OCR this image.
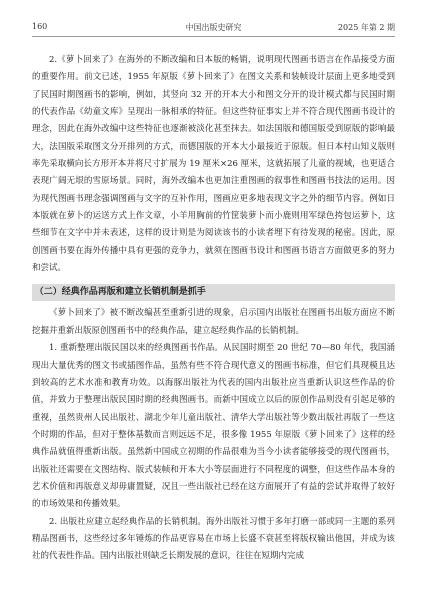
160	中国出版史研究	2025 年第 2 期

2.《萝卜回来了》在海外的不断改编和日本版的畅销，说明现代图画书语言在作品接受方面的重要作用。前文已述，1955 年原版《萝卜回来了》在图文关系和装帧设计层面上更多地受到了民国时期图画书的影响，例如，其竖向 32 开的开本大小和图文分开的设计模式都与民国时期的代表作品《幼童文库》呈现出一脉相承的特征。但这些特征事实上并不符合现代图画书设计的理念，因此在海外改编中这些特征也逐渐被淡化甚至抹去。如法国版和德国版受到原版的影响最大，法国版采取图文分开排列的方式，而德国版的开本大小最接近于原版。但日本村山知义版则率先采取横向长方形开本并将尺寸扩展为 19 厘米×26 厘米，这就拓展了儿童的视域，也更适合表现广阔无垠的雪原场景。同时，海外改编本也更加注重图画的叙事性和图画书技法的运用。因为现代图画书理念强调图画与文字的互补作用，图画应更多地表现文字之外的细节内容。例如日本版就在萝卜的运送方式上作文章，小羊用胸前的竹筐装萝卜而小鹿则用军绿色挎包运萝卜，这些细节在文字中并未表述，这样的设计则是为阅读该书的小读者埋下有待发现的秘密。因此，原创图画书要在海外传播中具有更强的竞争力，就须在图画书设计和图画书语言方面做更多的努力和尝试。

（二）经典作品再版和建立长销机制是抓手

《萝卜回来了》被不断改编甚至重新引进的现象，启示国内出版社在图画书出版方面应不断挖掘并重新出版原创图画书中的经典作品，建立起经典作品的长销机制。

1. 重新整理出版民国以来的经典图画书作品。从民国时期至 20 世纪 70—80 年代，我国涌现出大量优秀的图文书或插图作品，虽然有些不符合现代意义的图画书标准，但它们具现模且达到较高的艺术水准和教育功效。以海豚出版社为代表的国内出版社应当重新认识这些作品的价值，并致力于整理出版民国时期的经典图画书。而新中国成立以后的原创作品则没有引起足够的重视，虽然贵州人民出版社、湖北少年儿童出版社、清华大学出版社等少数出版社再版了一些这个时期的作品，但对于整体基数而言则远远不足，很多像 1955 年原版《萝卜回来了》这样的经典作品就值得重新出版。虽然新中国成立初期的作品很难为当今小读者能够接受的现代图画书，出版社还需要在文图结构、版式装帧和开本大小等层面进行不同程度的调整，但这些作品本身的艺术价值和再版意义却毋庸置疑，况且一些出版社已经在这方面展开了有益的尝试并取得了较好的市场效果和传播效果。

2. 出版社应建立起经典作品的长销机制。海外出版社习惯于多年打磨一部或同一主题的系列精品图画书，这些经过多年锤炼的作品更容易在市场上长盛不衰甚至将版权输出他国，并成为该社的代表性作品。国内出版社则缺乏长期发展的意识，往往在短期内完成
